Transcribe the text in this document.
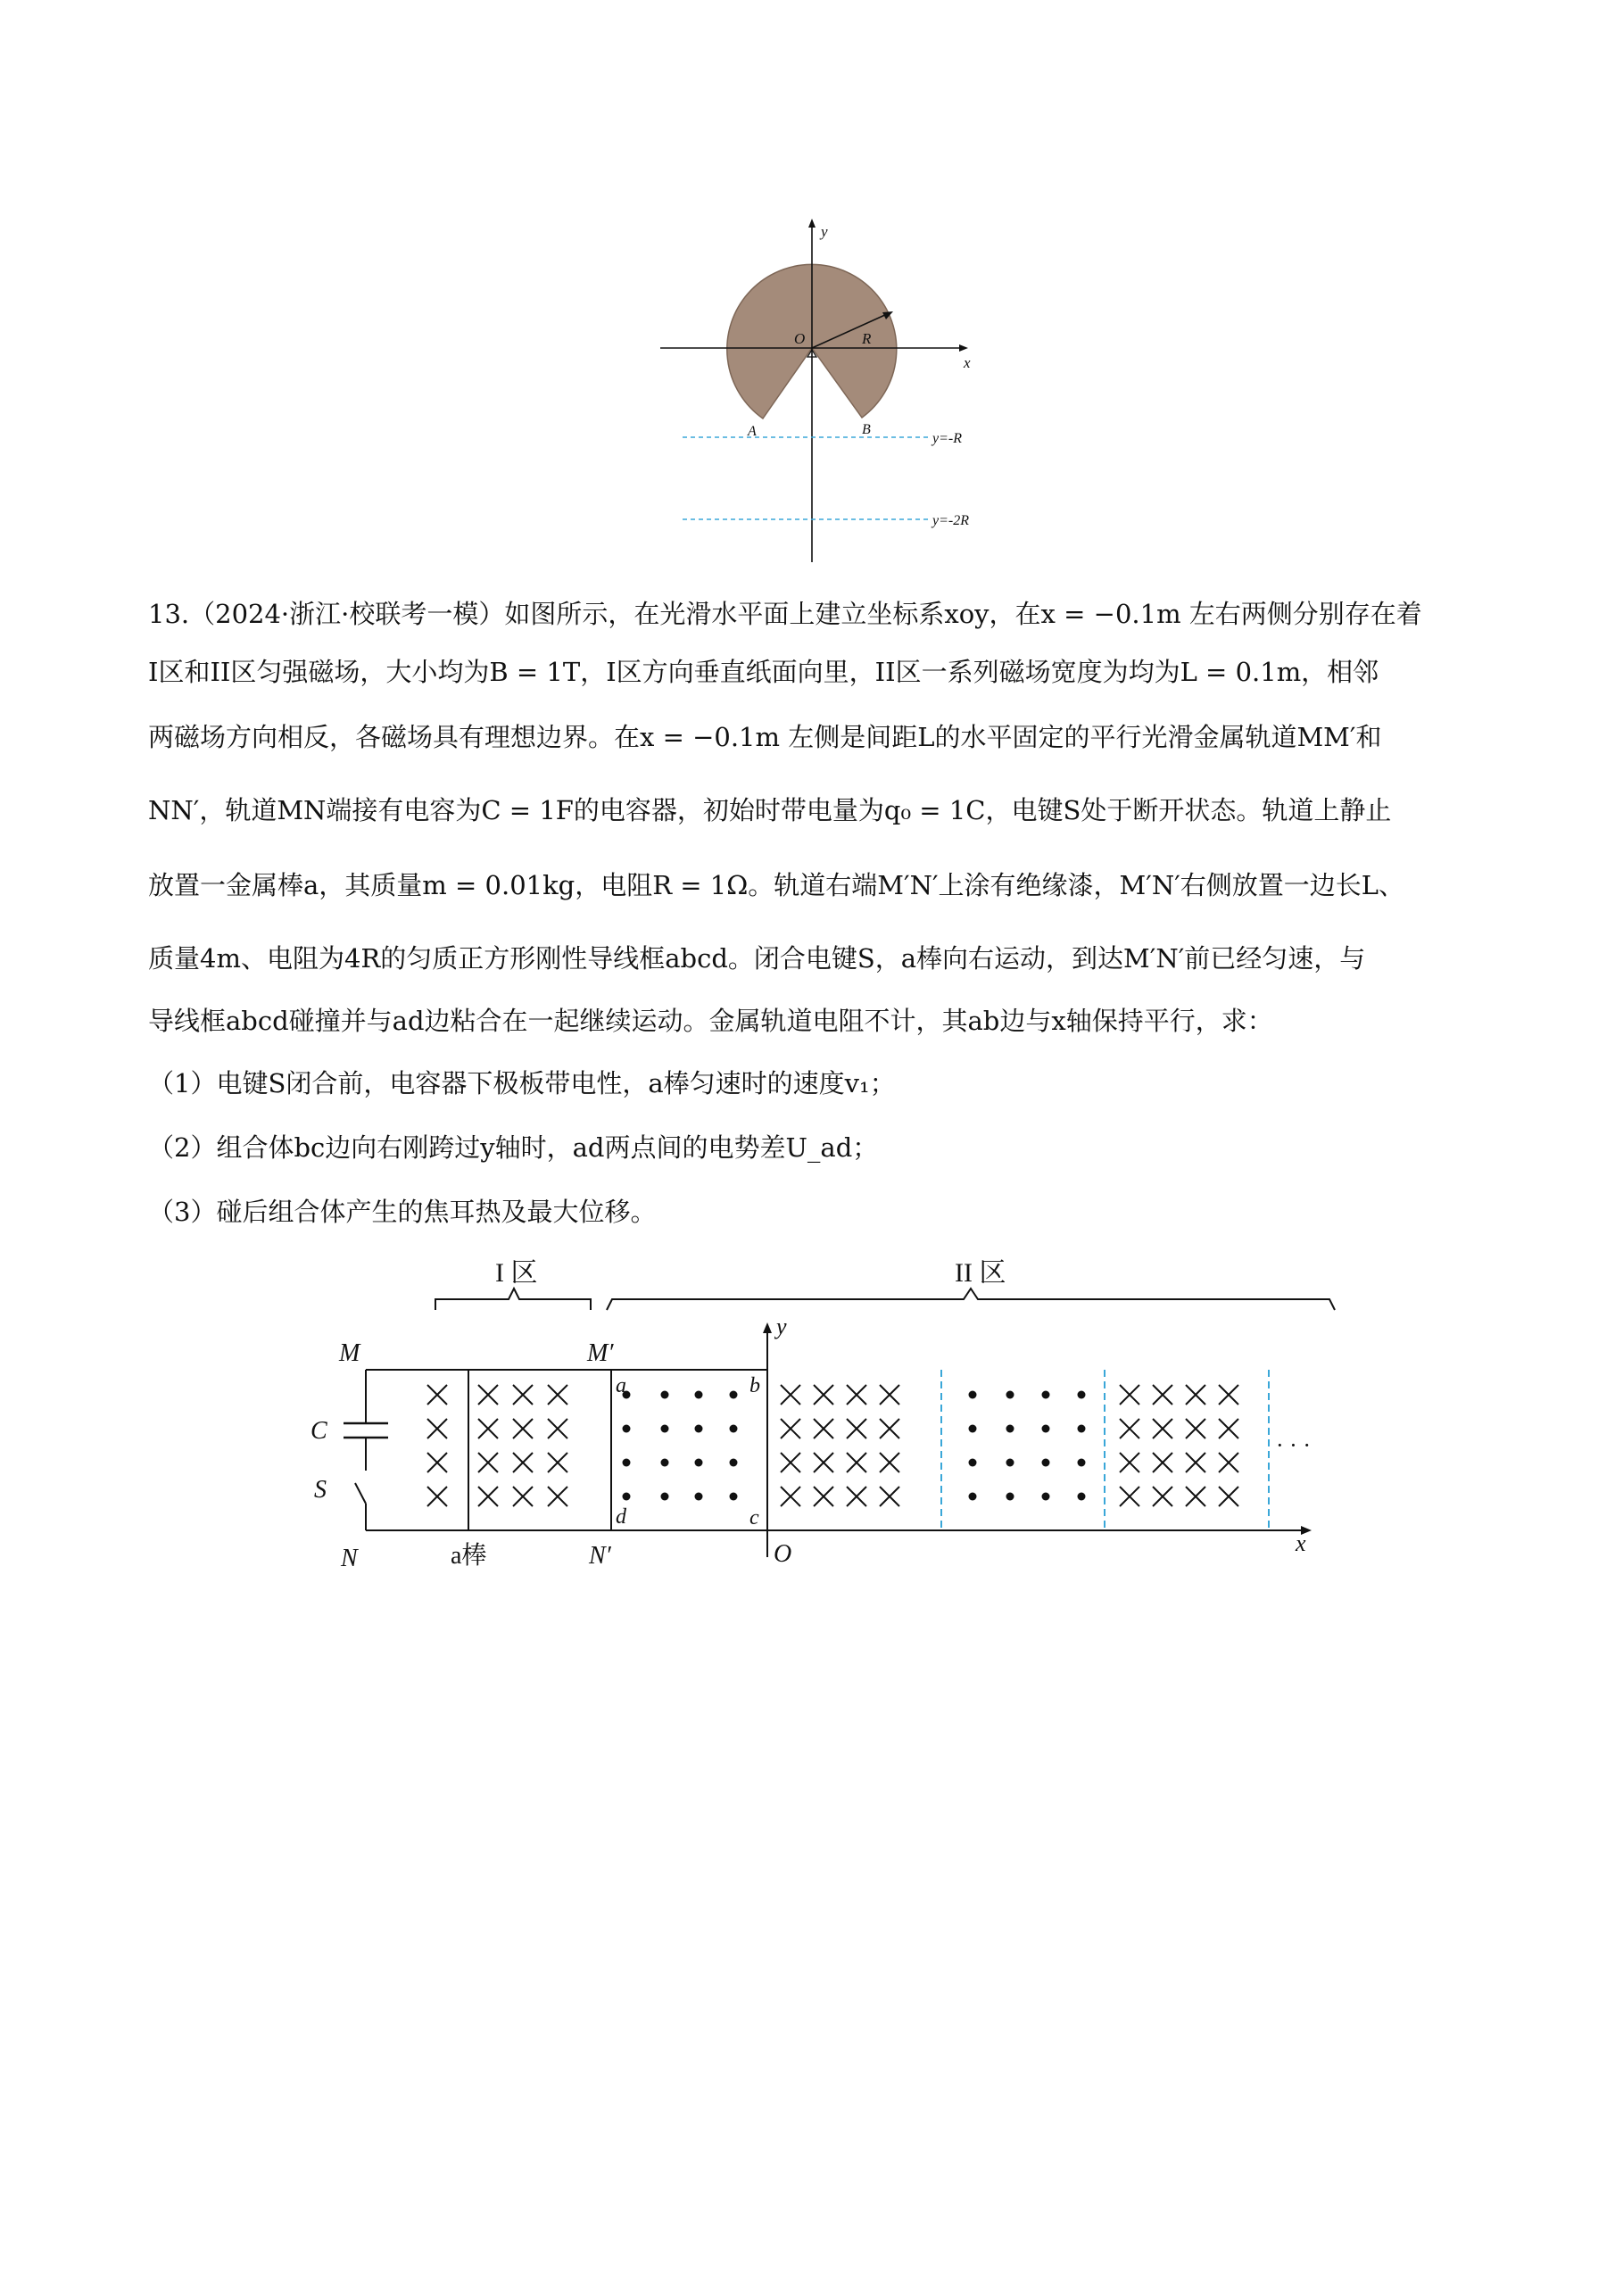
y
x
O	R
A	B
y=-R
y=-2R
13.（2024·浙江·校联考一模）如图所示，在光滑水平面上建立坐标系xoy，在x = −0.1m 左右两侧分别存在着
I区和II区匀强磁场，大小均为B = 1T，I区方向垂直纸面向里，II区一系列磁场宽度为均为L = 0.1m，相邻
两磁场方向相反，各磁场具有理想边界。在x = −0.1m 左侧是间距L的水平固定的平行光滑金属轨道MM′和
NN′，轨道MN端接有电容为C = 1F的电容器，初始时带电量为q₀ = 1C，电键S处于断开状态。轨道上静止
放置一金属棒a，其质量m = 0.01kg，电阻R = 1Ω。轨道右端M′N′上涂有绝缘漆，M′N′右侧放置一边长L、
质量4m、电阻为4R的匀质正方形刚性导线框abcd。闭合电键S，a棒向右运动，到达M′N′前已经匀速，与
导线框abcd碰撞并与ad边粘合在一起继续运动。金属轨道电阻不计，其ab边与x轴保持平行，求：
（1）电键S闭合前，电容器下极板带电性，a棒匀速时的速度v₁；
（2）组合体bc边向右刚跨过y轴时，ad两点间的电势差U_ad；
（3）碰后组合体产生的焦耳热及最大位移。
I 区	II 区
M	M′
N	N′
C
S
a棒
a	b
d	c
O	x
y
· · ·
